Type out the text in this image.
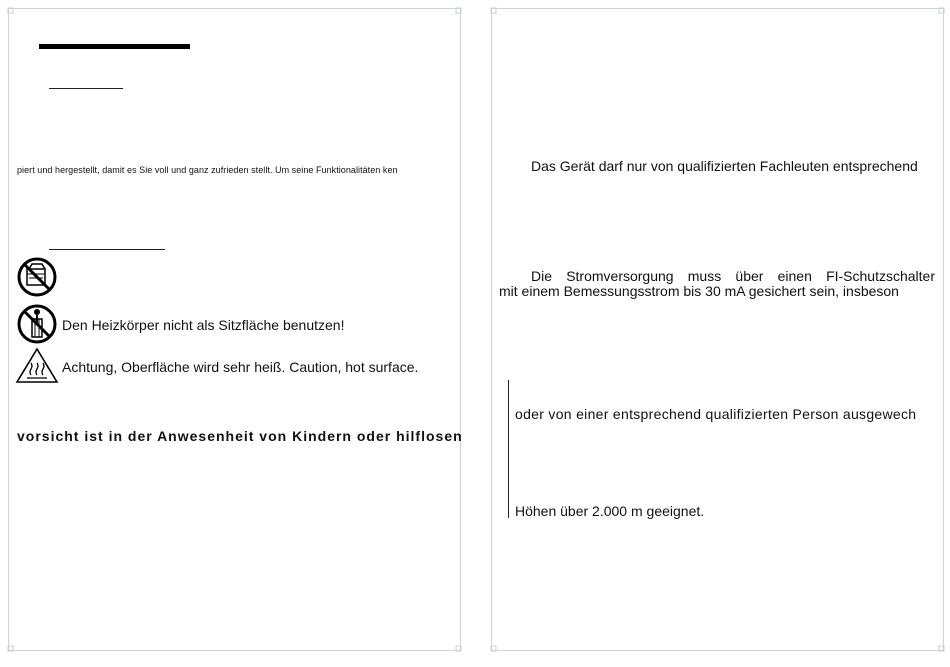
piert und hergestellt, damit es Sie voll und ganz zufrieden stellt. Um seine Funktionalitäten ken
Den Heizkörper nicht als Sitzfläche benutzen!
Achtung, Oberfläche wird sehr heiß. Caution, hot surface.
vorsicht ist in der Anwesenheit von Kindern oder hilflosen
Das Gerät darf nur von qualifizierten Fachleuten entsprechend
Die Stromversorgung muss über einen FI-Schutzschalter
mit einem Bemessungsstrom bis 30 mA gesichert sein, insbeson
oder von einer entsprechend qualifizierten Person ausgewech
Höhen über 2.000 m geeignet.
